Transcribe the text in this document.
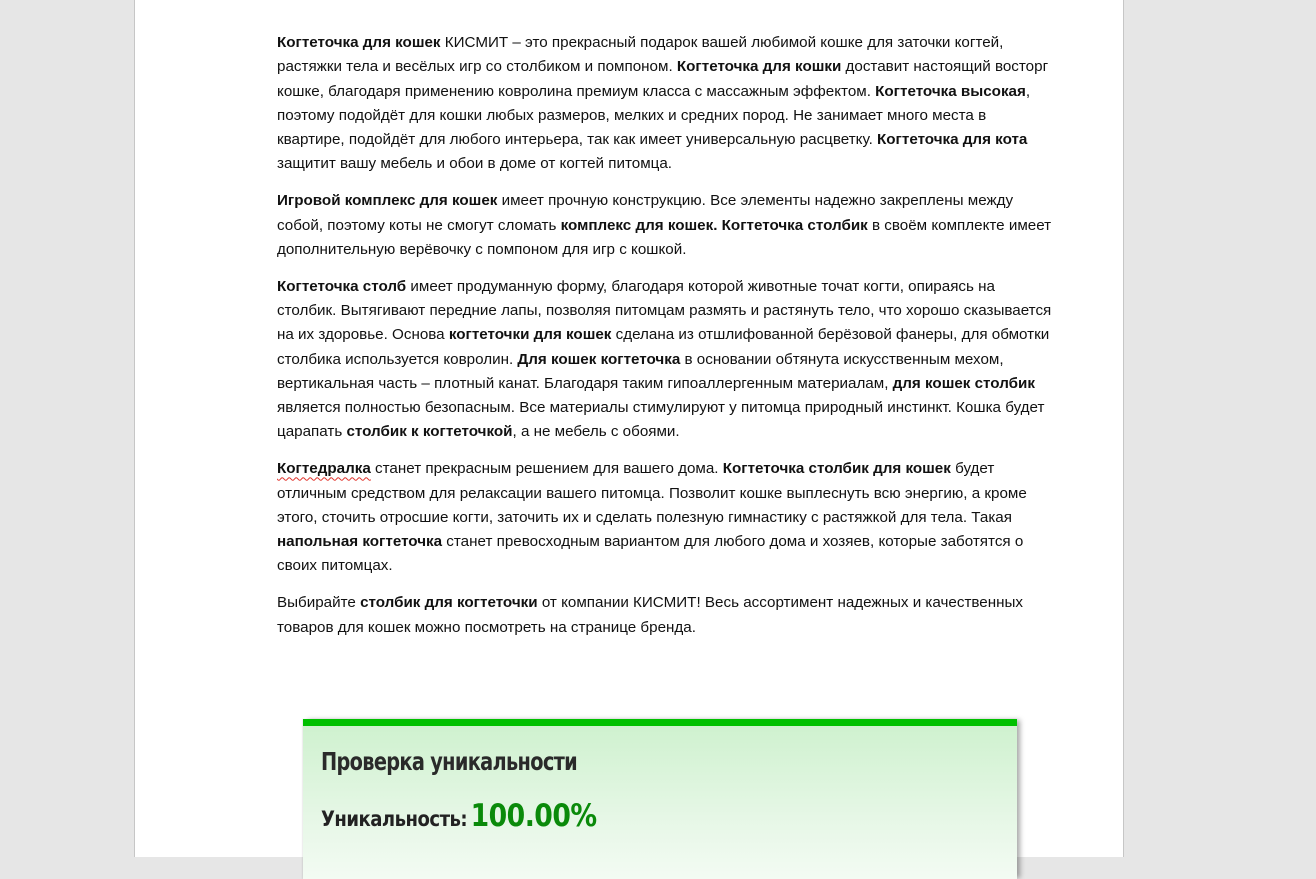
Когтеточка для кошек КИСМИТ – это прекрасный подарок вашей любимой кошке для заточки когтей, растяжки тела и весёлых игр со столбиком и помпоном. Когтеточка для кошки доставит настоящий восторг кошке, благодаря применению ковролина премиум класса с массажным эффектом. Когтеточка высокая, поэтому подойдёт для кошки любых размеров, мелких и средних пород. Не занимает много места в квартире, подойдёт для любого интерьера, так как имеет универсальную расцветку. Когтеточка для кота защитит вашу мебель и обои в доме от когтей питомца.

Игровой комплекс для кошек имеет прочную конструкцию. Все элементы надежно закреплены между собой, поэтому коты не смогут сломать комплекс для кошек. Когтеточка столбик в своём комплекте имеет дополнительную верёвочку с помпоном для игр с кошкой.

Когтеточка столб имеет продуманную форму, благодаря которой животные точат когти, опираясь на столбик. Вытягивают передние лапы, позволяя питомцам размять и растянуть тело, что хорошо сказывается на их здоровье. Основа когтеточки для кошек сделана из отшлифованной берёзовой фанеры, для обмотки столбика используется ковролин. Для кошек когтеточка в основании обтянута искусственным мехом, вертикальная часть – плотный канат. Благодаря таким гипоаллергенным материалам, для кошек столбик является полностью безопасным. Все материалы стимулируют у питомца природный инстинкт. Кошка будет царапать столбик к когтеточкой, а не мебель с обоями.

Когтедралка станет прекрасным решением для вашего дома. Когтеточка столбик для кошек будет отличным средством для релаксации вашего питомца. Позволит кошке выплеснуть всю энергию, а кроме этого, сточить отросшие когти, заточить их и сделать полезную гимнастику с растяжкой для тела. Такая напольная когтеточка станет превосходным вариантом для любого дома и хозяев, которые заботятся о своих питомцах.

Выбирайте столбик для когтеточки от компании КИСМИТ! Весь ассортимент надежных и качественных товаров для кошек можно посмотреть на странице бренда.

Проверка уникальности
Уникальность: 100.00%
